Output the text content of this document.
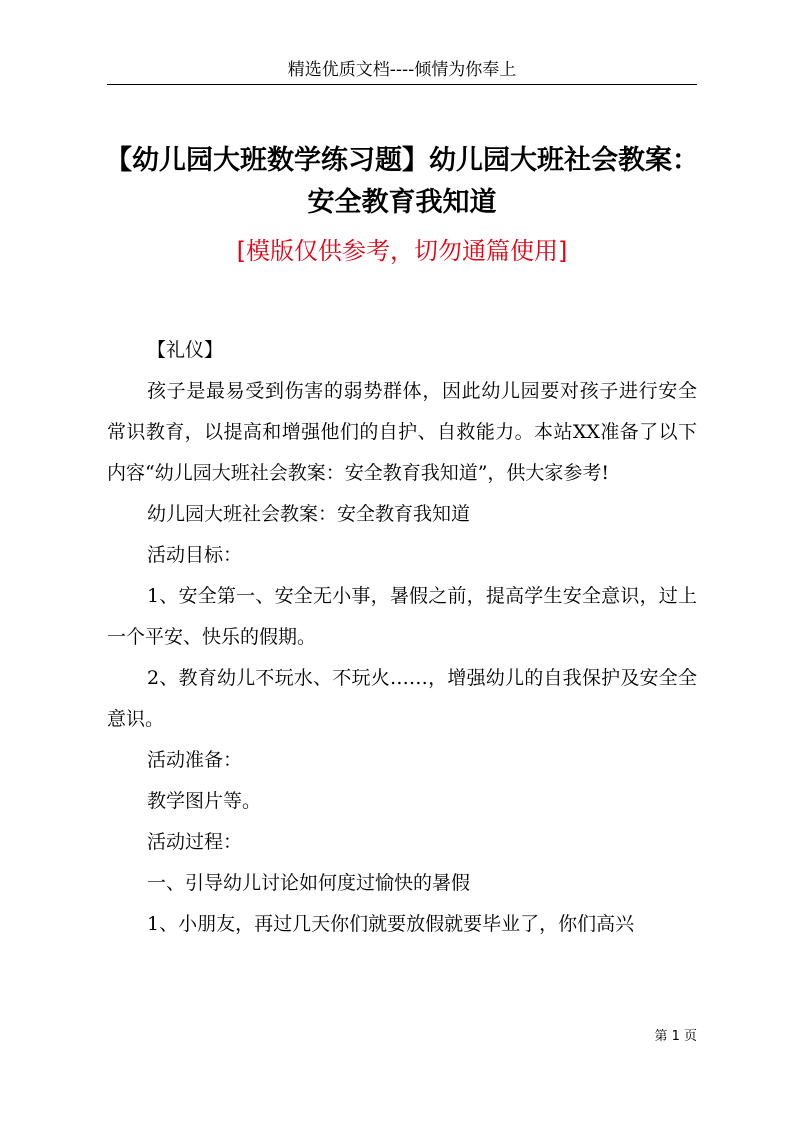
精选优质文档----倾情为你奉上
【幼儿园大班数学练习题】幼儿园大班社会教案：安全教育我知道
[模版仅供参考，切勿通篇使用]

【礼仪】

孩子是最易受到伤害的弱势群体，因此幼儿园要对孩子进行安全常识教育，以提高和增强他们的自护、自救能力。本站XX准备了以下内容“幼儿园大班社会教案：安全教育我知道”，供大家参考!

幼儿园大班社会教案：安全教育我知道

活动目标：

1、安全第一、安全无小事，暑假之前，提高学生安全意识，过上一个平安、快乐的假期。

2、教育幼儿不玩水、不玩火……，增强幼儿的自我保护及安全全意识。

活动准备：

教学图片等。

活动过程：

一、引导幼儿讨论如何度过愉快的暑假

1、小朋友，再过几天你们就要放假就要毕业了，你们高兴

第 1 页
